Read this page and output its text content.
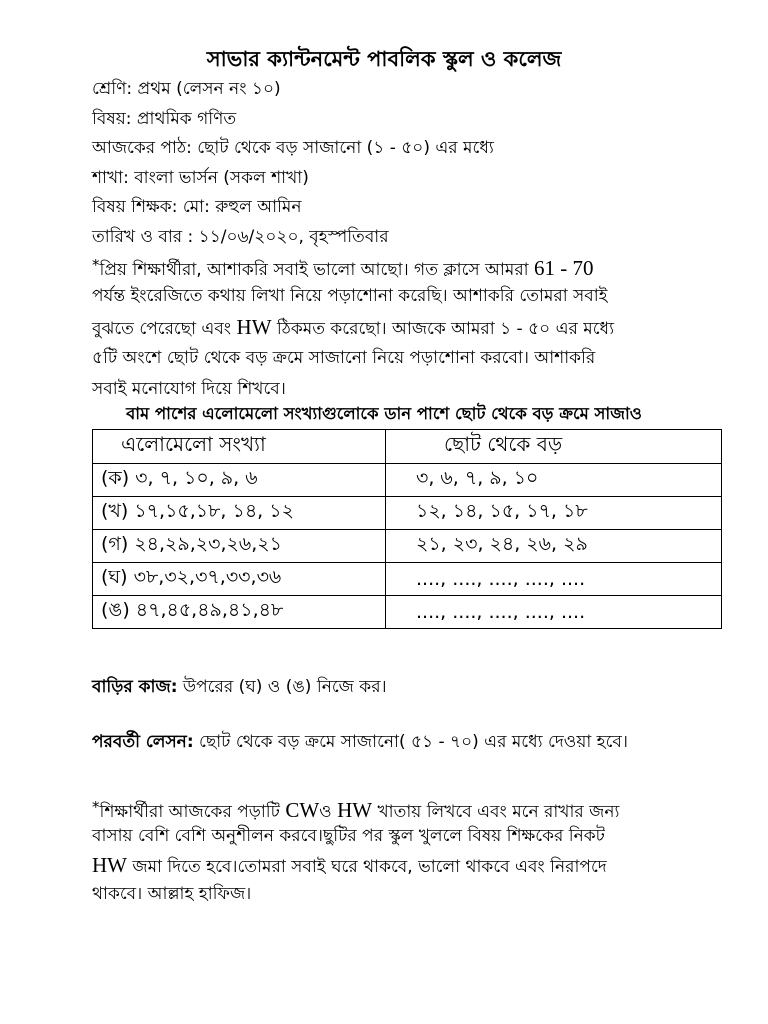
সাভার ক্যান্টনমেন্ট পাবলিক স্কুল ও কলেজ
শ্রেণি: প্রথম (লেসন নং ১০)
বিষয়: প্রাথমিক গণিত
আজকের পাঠ: ছোট থেকে বড় সাজানো (১ - ৫০) এর মধ্যে
শাখা: বাংলা ভার্সন (সকল শাখা)
বিষয় শিক্ষক: মো: রুহুল আমিন
তারিখ ও বার : ১১/০৬/২০২০, বৃহস্পতিবার
*প্রিয় শিক্ষার্থীরা, আশাকরি সবাই ভালো আছো। গত ক্লাসে আমরা 61 - 70
পর্যন্ত ইংরেজিতে কথায় লিখা নিয়ে পড়াশোনা করেছি। আশাকরি তোমরা সবাই
বুঝতে পেরেছো এবং HW ঠিকমত করেছো। আজকে আমরা ১ - ৫০ এর মধ্যে
৫টি অংশে ছোট থেকে বড় ক্রমে সাজানো নিয়ে পড়াশোনা করবো। আশাকরি
সবাই মনোযোগ দিয়ে শিখবে।
বাম পাশের এলোমেলো সংখ্যাগুলোকে ডান পাশে ছোট থেকে বড় ক্রমে সাজাও
এলোমেলো সংখ্যা	ছোট থেকে বড়
(ক) ৩, ৭, ১০, ৯, ৬	৩, ৬, ৭, ৯, ১০
(খ) ১৭,১৫,১৮, ১৪, ১২	১২, ১৪, ১৫, ১৭, ১৮
(গ) ২৪,২৯,২৩,২৬,২১	২১, ২৩, ২৪, ২৬, ২৯
(ঘ) ৩৮,৩২,৩৭,৩৩,৩৬	...., ...., ...., ...., ....
(ঙ) ৪৭,৪৫,৪৯,৪১,৪৮	...., ...., ...., ...., ....
বাড়ির কাজ: উপরের (ঘ) ও (ঙ) নিজে কর।
পরবর্তী লেসন: ছোট থেকে বড় ক্রমে সাজানো( ৫১ - ৭০) এর মধ্যে দেওয়া হবে।
*শিক্ষার্থীরা আজকের পড়াটি CWও HW খাতায় লিখবে এবং মনে রাখার জন্য
বাসায় বেশি বেশি অনুশীলন করবে।ছুটির পর স্কুল খুললে বিষয় শিক্ষকের নিকট
HW জমা দিতে হবে।তোমরা সবাই ঘরে থাকবে, ভালো থাকবে এবং নিরাপদে
থাকবে। আল্লাহ হাফিজ।
